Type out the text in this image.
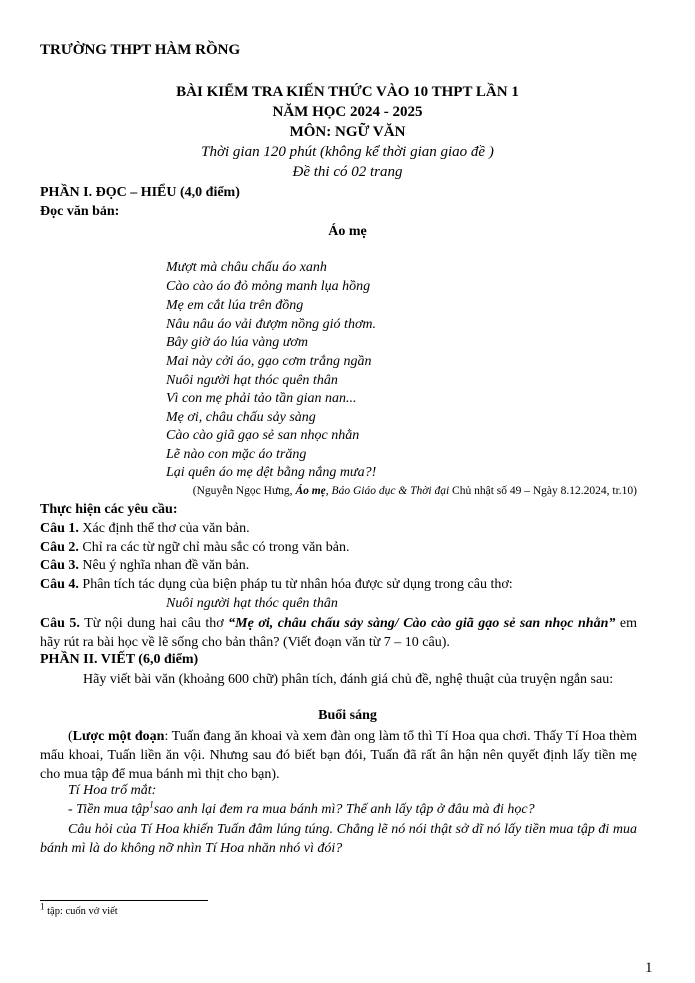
TRƯỜNG THPT HÀM RỒNG
BÀI KIỂM TRA KIẾN THỨC VÀO 10 THPT LẦN 1
NĂM HỌC 2024 - 2025
MÔN: NGỮ VĂN
Thời gian 120 phút (không kể thời gian giao đề )
Đề thi có 02 trang
PHẦN I. ĐỌC – HIỂU (4,0 điểm)
Đọc văn bản:
Áo mẹ
Mượt mà châu chấu áo xanh
Cào cào áo đỏ mỏng manh lụa hồng
Mẹ em cắt lúa trên đồng
Nâu nâu áo vải đượm nồng gió thơm.
Bây giờ áo lúa vàng ươm
Mai này cởi áo, gạo cơm trắng ngần
Nuôi người hạt thóc quên thân
Vì con mẹ phải tảo tần gian nan...
Mẹ ơi, châu chấu sảy sàng
Cào cào giã gạo sẻ san nhọc nhằn
Lẽ nào con mặc áo trăng
Lại quên áo mẹ dệt bằng nắng mưa?!
(Nguyễn Ngọc Hưng, Áo mẹ, Báo Giáo dục & Thời đại Chủ nhật số 49 – Ngày 8.12.2024, tr.10)
Thực hiện các yêu cầu:
Câu 1. Xác định thể thơ của văn bản.
Câu 2. Chỉ ra các từ ngữ chỉ màu sắc có trong văn bản.
Câu 3. Nêu ý nghĩa nhan đề văn bản.
Câu 4. Phân tích tác dụng của biện pháp tu từ nhân hóa được sử dụng trong câu thơ:
Nuôi người hạt thóc quên thân
Câu 5. Từ nội dung hai câu thơ “Mẹ ơi, châu chấu sảy sàng/ Cào cào giã gạo sẻ san nhọc nhằn” em hãy rút ra bài học về lẽ sống cho bản thân? (Viết đoạn văn từ 7 – 10 câu).
PHẦN II. VIẾT (6,0 điểm)
Hãy viết bài văn (khoảng 600 chữ) phân tích, đánh giá chủ đề, nghệ thuật của truyện ngắn sau:
Buổi sáng
(Lược một đoạn: Tuấn đang ăn khoai và xem đàn ong làm tổ thì Tí Hoa qua chơi. Thấy Tí Hoa thèm mẩu khoai, Tuấn liền ăn vội. Nhưng sau đó biết bạn đói, Tuấn đã rất ân hận nên quyết định lấy tiền mẹ cho mua tập để mua bánh mì thịt cho bạn).
Tí Hoa trố mắt:
- Tiền mua tập$^1$sao anh lại đem ra mua bánh mì? Thế anh lấy tập ở đâu mà đi học?
Câu hỏi của Tí Hoa khiến Tuấn đâm lúng túng. Chẳng lẽ nó nói thật sở dĩ nó lấy tiền mua tập đi mua bánh mì là do không nỡ nhìn Tí Hoa nhăn nhó vì đói?
$^1$ tập: cuốn vở viết
1
